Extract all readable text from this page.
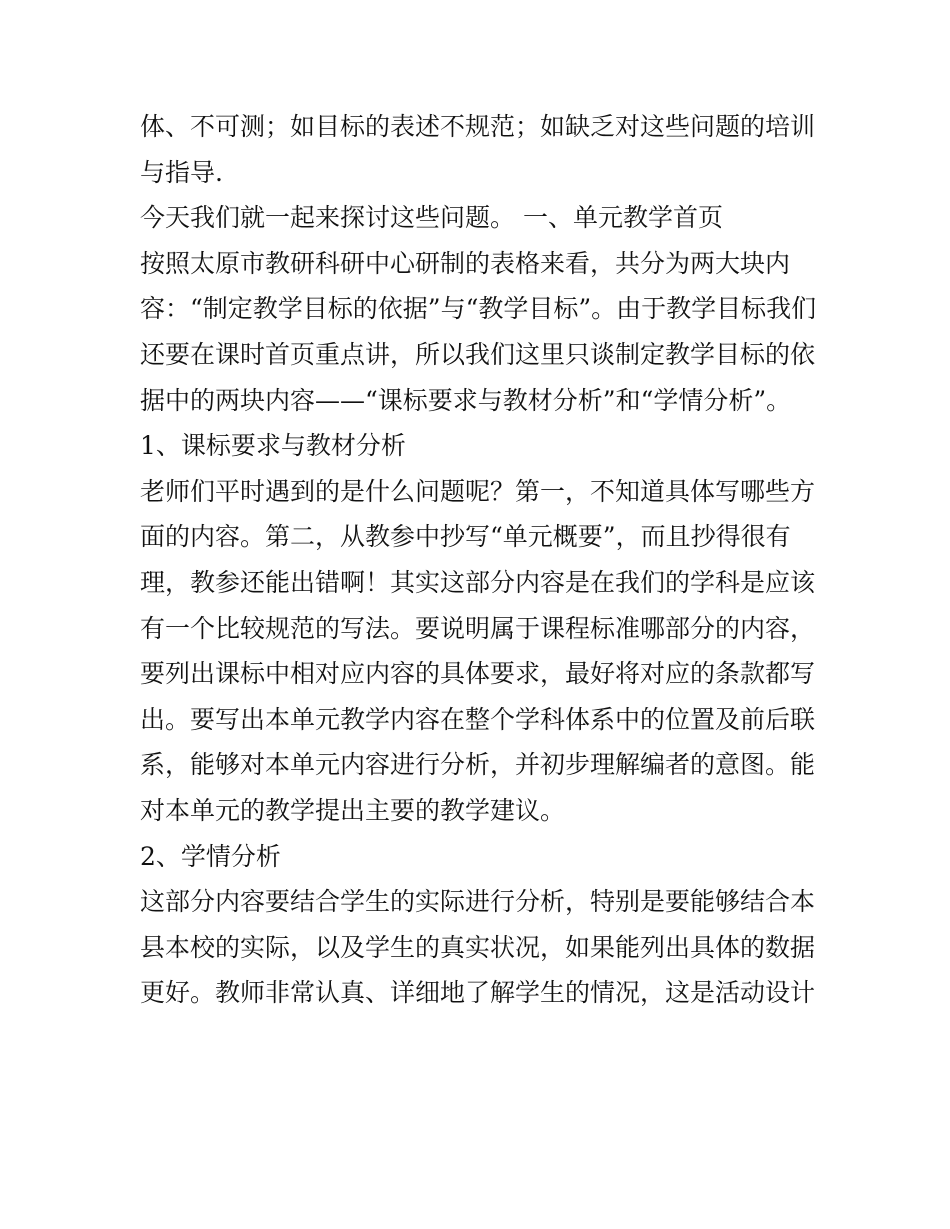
体、不可测；如目标的表述不规范；如缺乏对这些问题的培训
与指导.
今天我们就一起来探讨这些问题。 一、单元教学首页
按照太原市教研科研中心研制的表格来看，共分为两大块内
容：“制定教学目标的依据”与“教学目标”。由于教学目标我们
还要在课时首页重点讲，所以我们这里只谈制定教学目标的依
据中的两块内容——“课标要求与教材分析”和“学情分析”。
1、课标要求与教材分析
老师们平时遇到的是什么问题呢？第一，不知道具体写哪些方
面的内容。第二，从教参中抄写“单元概要”，而且抄得很有
理，教参还能出错啊！其实这部分内容是在我们的学科是应该
有一个比较规范的写法。要说明属于课程标准哪部分的内容，
要列出课标中相对应内容的具体要求，最好将对应的条款都写
出。要写出本单元教学内容在整个学科体系中的位置及前后联
系，能够对本单元内容进行分析，并初步理解编者的意图。能
对本单元的教学提出主要的教学建议。
2、学情分析
这部分内容要结合学生的实际进行分析，特别是要能够结合本
县本校的实际，以及学生的真实状况，如果能列出具体的数据
更好。教师非常认真、详细地了解学生的情况，这是活动设计
